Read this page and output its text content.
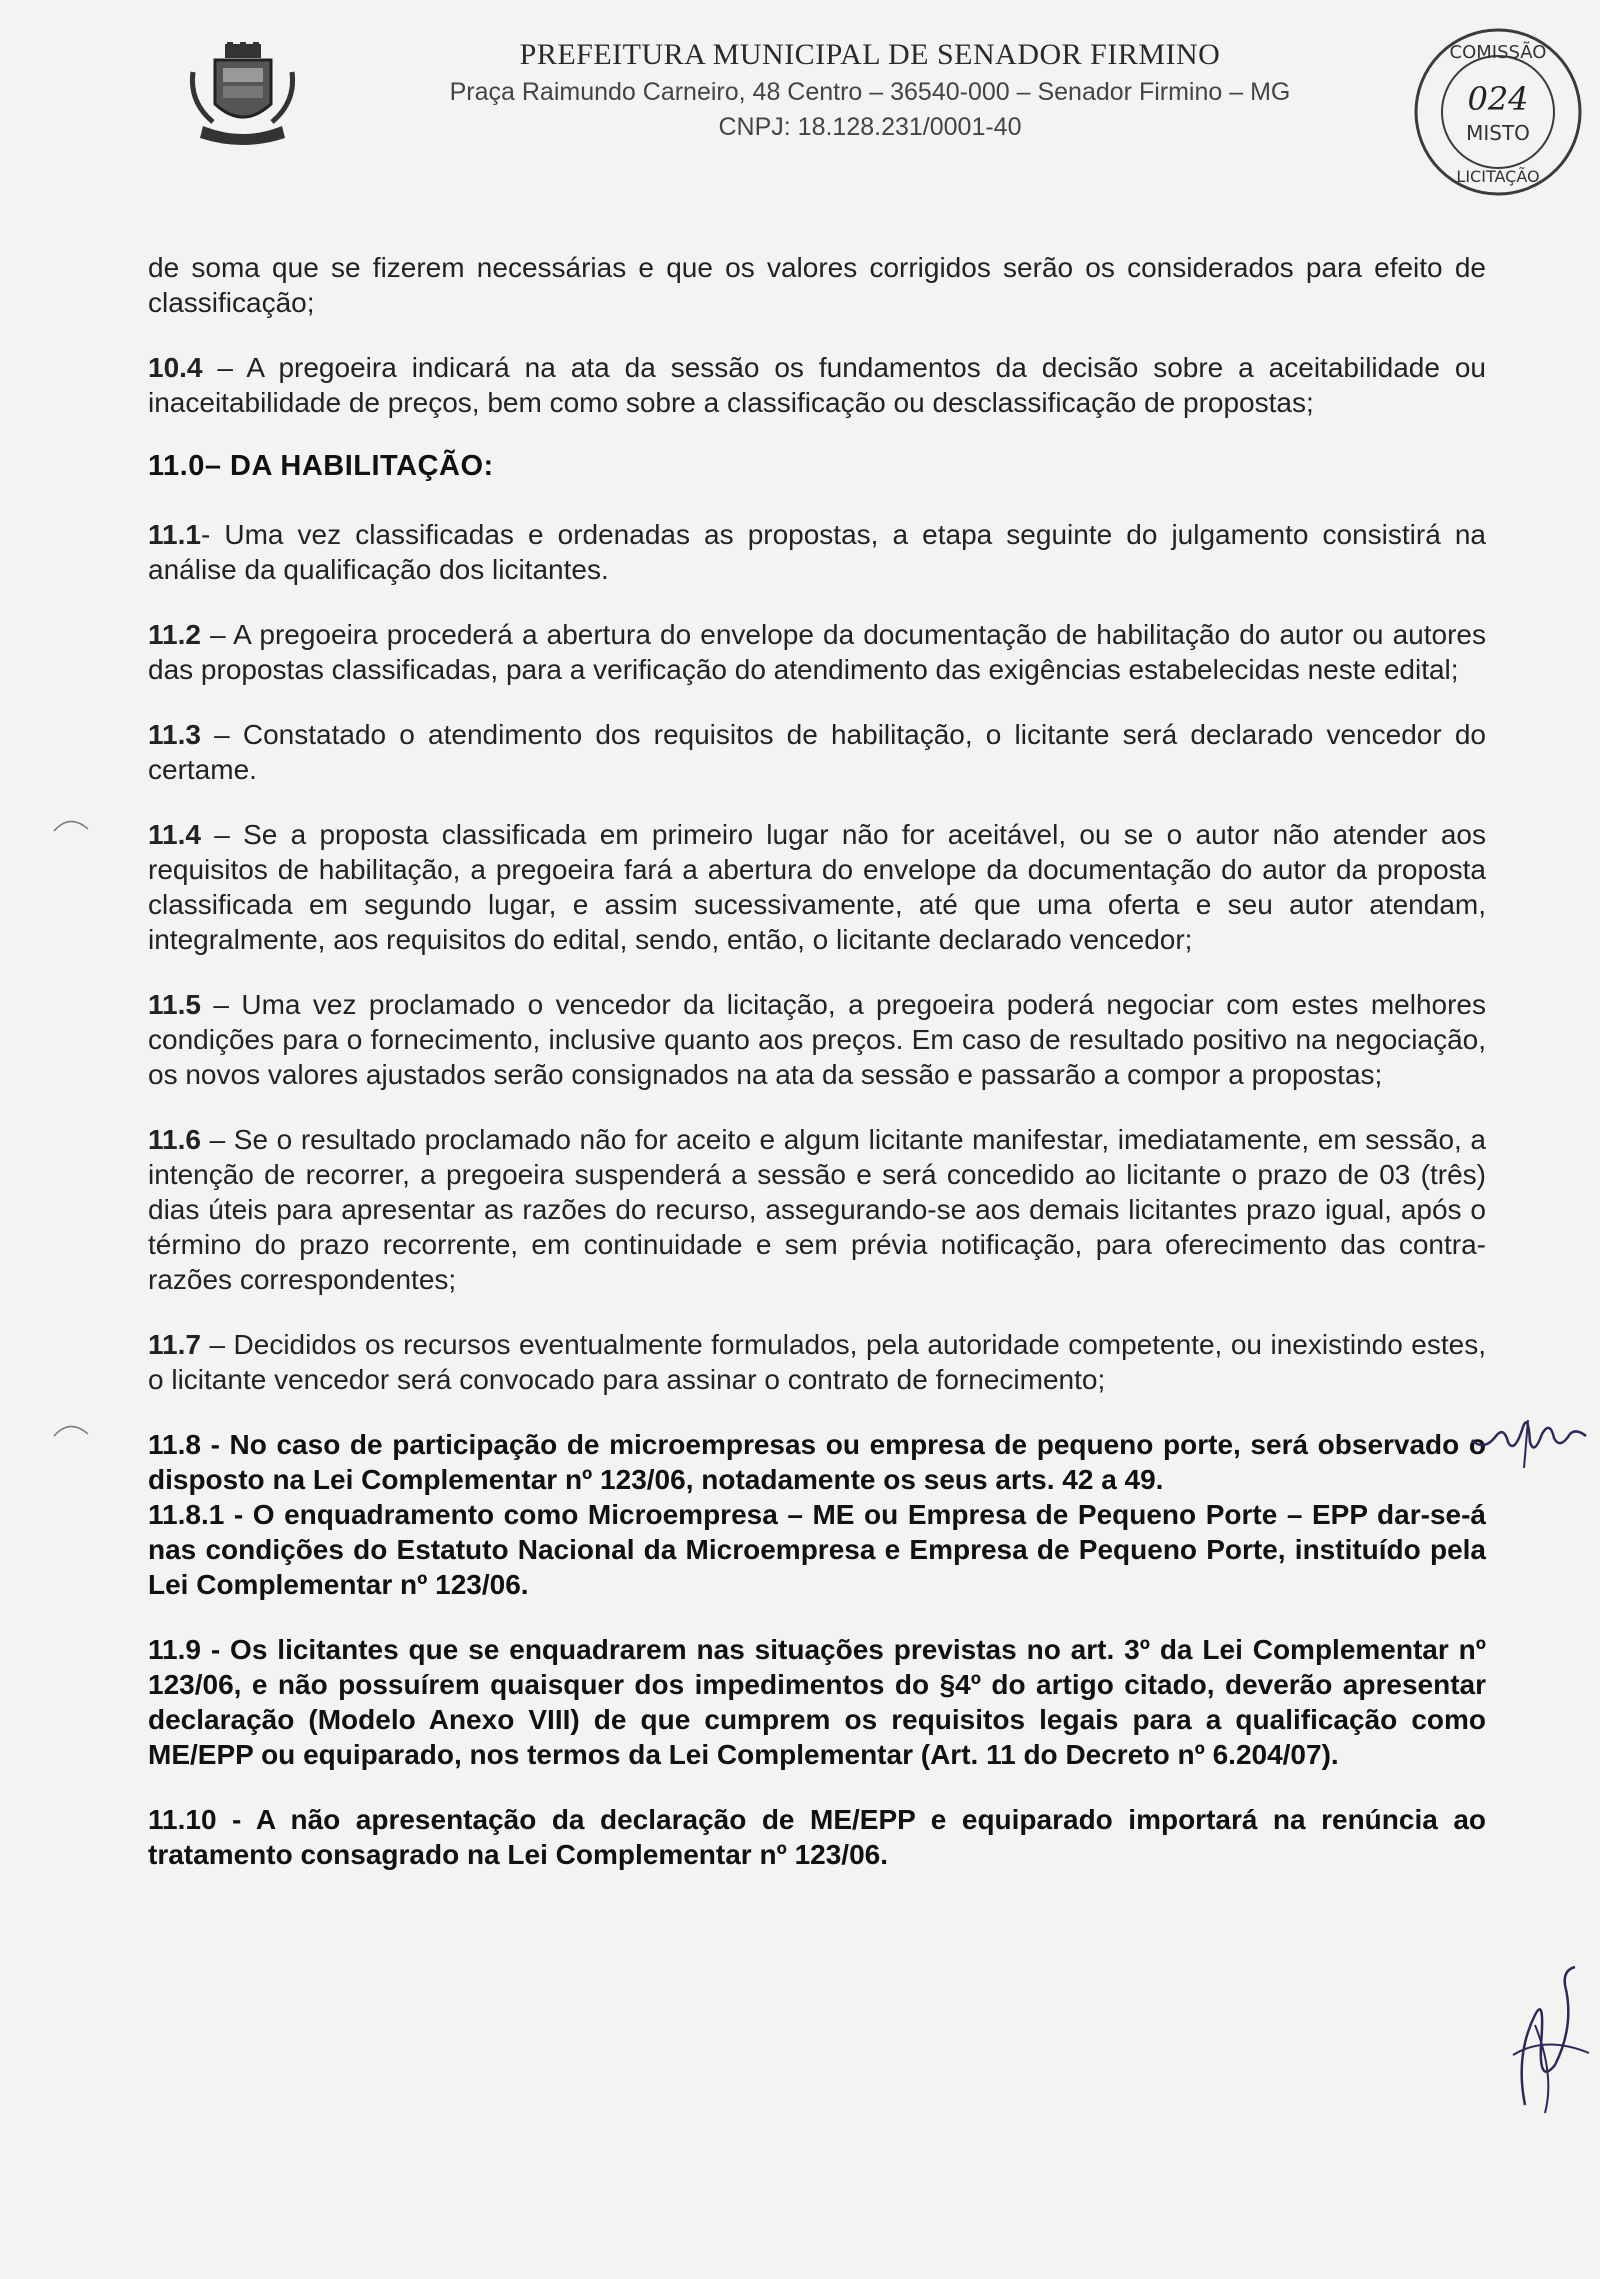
PREFEITURA MUNICIPAL DE SENADOR FIRMINO
Praça Raimundo Carneiro, 48 Centro – 36540-000 – Senador Firmino – MG
CNPJ: 18.128.231/0001-40
COMISSÃO
024
MISTO
LICITAÇÃO

de soma que se fizerem necessárias e que os valores corrigidos serão os considerados para efeito de classificação;

10.4 – A pregoeira indicará na ata da sessão os fundamentos da decisão sobre a aceitabilidade ou inaceitabilidade de preços, bem como sobre a classificação ou desclassificação de propostas;

11.0– DA HABILITAÇÃO:

11.1- Uma vez classificadas e ordenadas as propostas, a etapa seguinte do julgamento consistirá na análise da qualificação dos licitantes.

11.2 – A pregoeira procederá a abertura do envelope da documentação de habilitação do autor ou autores das propostas classificadas, para a verificação do atendimento das exigências estabelecidas neste edital;

11.3 – Constatado o atendimento dos requisitos de habilitação, o licitante será declarado vencedor do certame.

11.4 – Se a proposta classificada em primeiro lugar não for aceitável, ou se o autor não atender aos requisitos de habilitação, a pregoeira fará a abertura do envelope da documentação do autor da proposta classificada em segundo lugar, e assim sucessivamente, até que uma oferta e seu autor atendam, integralmente, aos requisitos do edital, sendo, então, o licitante declarado vencedor;

11.5 – Uma vez proclamado o vencedor da licitação, a pregoeira poderá negociar com estes melhores condições para o fornecimento, inclusive quanto aos preços. Em caso de resultado positivo na negociação, os novos valores ajustados serão consignados na ata da sessão e passarão a compor a propostas;

11.6 – Se o resultado proclamado não for aceito e algum licitante manifestar, imediatamente, em sessão, a intenção de recorrer, a pregoeira suspenderá a sessão e será concedido ao licitante o prazo de 03 (três) dias úteis para apresentar as razões do recurso, assegurando-se aos demais licitantes prazo igual, após o término do prazo recorrente, em continuidade e sem prévia notificação, para oferecimento das contra-razões correspondentes;

11.7 – Decididos os recursos eventualmente formulados, pela autoridade competente, ou inexistindo estes, o licitante vencedor será convocado para assinar o contrato de fornecimento;

11.8 - No caso de participação de microempresas ou empresa de pequeno porte, será observado o disposto na Lei Complementar nº 123/06, notadamente os seus arts. 42 a 49.

11.8.1 - O enquadramento como Microempresa – ME ou Empresa de Pequeno Porte – EPP dar-se-á nas condições do Estatuto Nacional da Microempresa e Empresa de Pequeno Porte, instituído pela Lei Complementar nº 123/06.

11.9 - Os licitantes que se enquadrarem nas situações previstas no art. 3º da Lei Complementar nº 123/06, e não possuírem quaisquer dos impedimentos do §4º do artigo citado, deverão apresentar declaração (Modelo Anexo VIII) de que cumprem os requisitos legais para a qualificação como ME/EPP ou equiparado, nos termos da Lei Complementar (Art. 11 do Decreto nº 6.204/07).

11.10 - A não apresentação da declaração de ME/EPP e equiparado importará na renúncia ao tratamento consagrado na Lei Complementar nº 123/06.
